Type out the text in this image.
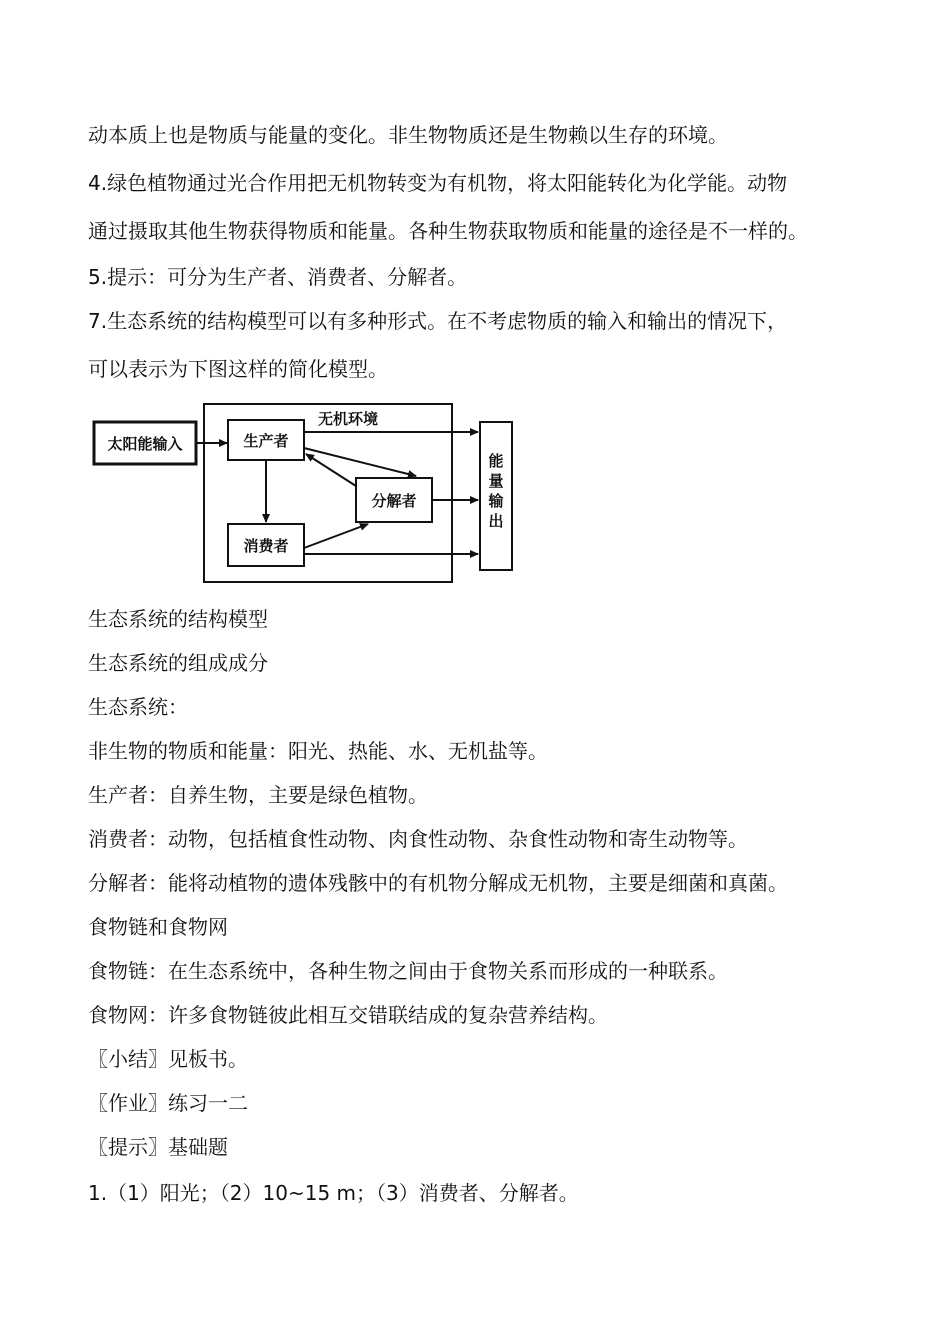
动本质上也是物质与能量的变化。非生物物质还是生物赖以生存的环境。

4.绿色植物通过光合作用把无机物转变为有机物，将太阳能转化为化学能。动物

通过摄取其他生物获得物质和能量。各种生物获取物质和能量的途径是不一样的。

5.提示：可分为生产者、消费者、分解者。

7.生态系统的结构模型可以有多种形式。在不考虑物质的输入和输出的情况下，

可以表示为下图这样的简化模型。

太阳能输入	生产者
无机环境
分解者
消费者
能
量
输
出

生态系统的结构模型

生态系统的组成成分

生态系统：

非生物的物质和能量：阳光、热能、水、无机盐等。

生产者：自养生物，主要是绿色植物。

消费者：动物，包括植食性动物、肉食性动物、杂食性动物和寄生动物等。

分解者：能将动植物的遗体残骸中的有机物分解成无机物，主要是细菌和真菌。

食物链和食物网

食物链：在生态系统中，各种生物之间由于食物关系而形成的一种联系。

食物网：许多食物链彼此相互交错联结成的复杂营养结构。

〖小结〗见板书。

〖作业〗练习一二

〖提示〗基础题

1.（1）阳光；（2）10~15 m；（3）消费者、分解者。
